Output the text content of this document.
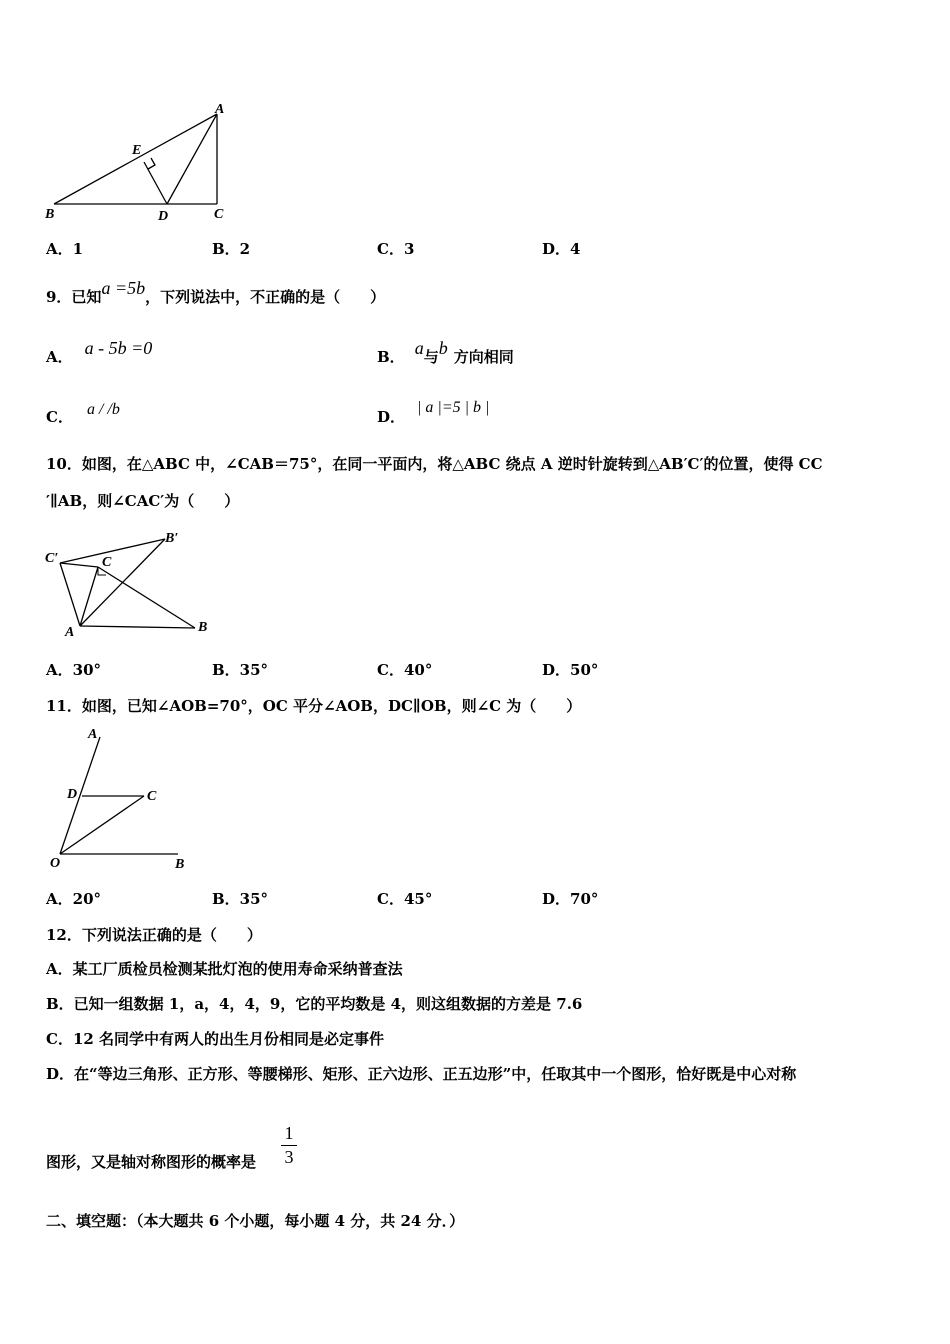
A
E
B	D	C
A．1	B．2	C．3	D．4
9．已知a =5b，下列说法中，不正确的是（　　）
A． a - 5b =0	B． a与b 方向相同
C． a / /b	D．| a |=5 | b |
10．如图，在△ABC 中，∠CAB＝75°，在同一平面内，将△ABC 绕点 A 逆时针旋转到△AB′C′的位置，使得 CC
′∥AB，则∠CAC′为（　　）
C′	C
B′
A	B
A．30°	B．35°	C．40°	D．50°
11．如图，已知∠AOB=70°，OC 平分∠AOB，DC∥OB，则∠C 为（　　）
A
D	C
O	B
A．20°	B．35°	C．45°	D．70°
12．下列说法正确的是（　　）
A．某工厂质检员检测某批灯泡的使用寿命采纳普查法
B．已知一组数据 1，a，4，4，9，它的平均数是 4，则这组数据的方差是 7.6
C．12 名同学中有两人的出生月份相同是必定事件
D．在“等边三角形、正方形、等腰梯形、矩形、正六边形、正五边形”中，任取其中一个图形，恰好既是中心对称
图形，又是轴对称图形的概率是
1
3
二、填空题：（本大题共 6 个小题，每小题 4 分，共 24 分．）
